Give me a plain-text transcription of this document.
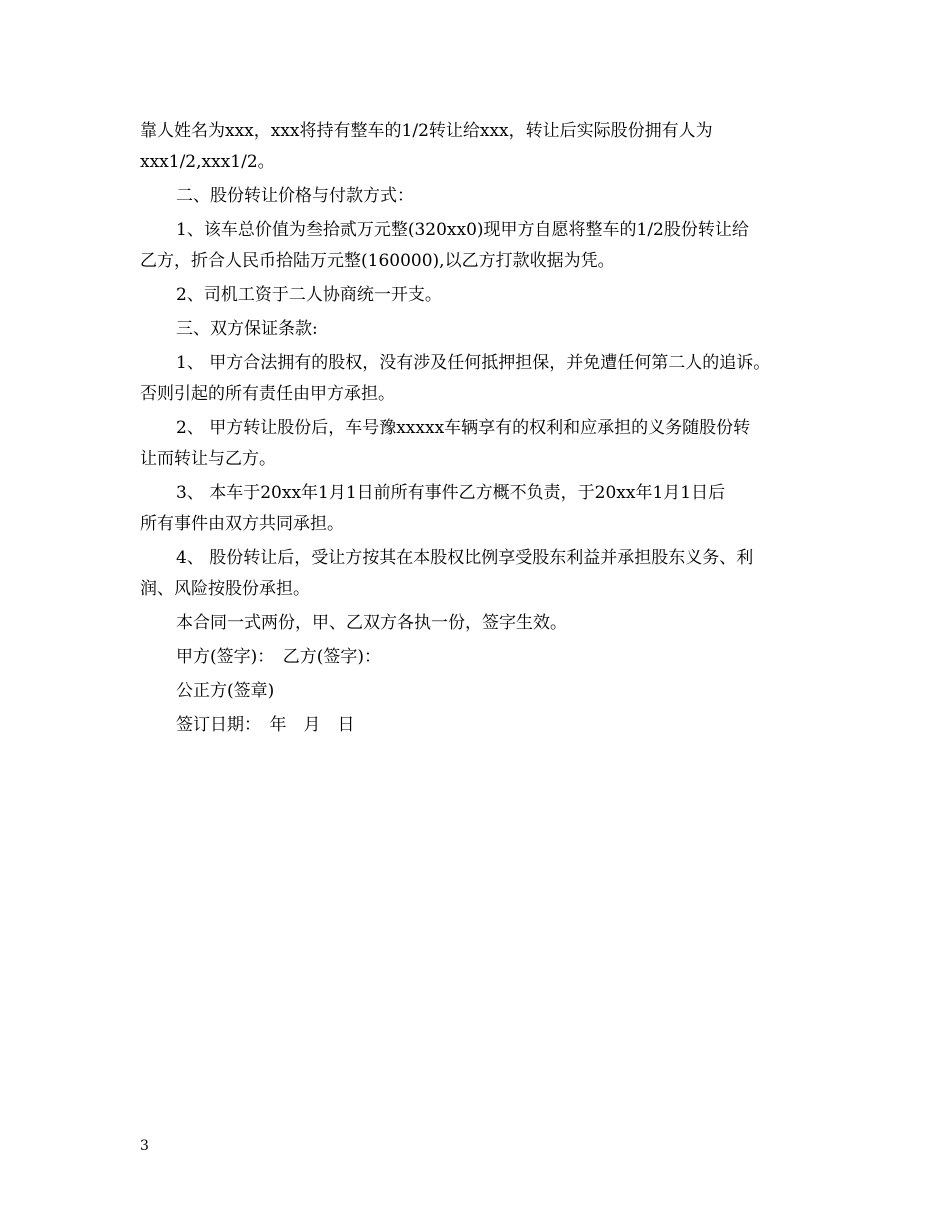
靠人姓名为xxx，xxx将持有整车的1/2转让给xxx，转让后实际股份拥有人为
xxx1/2,xxx1/2。
二、股份转让价格与付款方式：
1、该车总价值为叁拾贰万元整(320xx0)现甲方自愿将整车的1/2股份转让给
乙方，折合人民币拾陆万元整(160000),以乙方打款收据为凭。
2、司机工资于二人协商统一开支。
三、双方保证条款:
1、 甲方合法拥有的股权，没有涉及任何抵押担保，并免遭任何第二人的追诉。
否则引起的所有责任由甲方承担。
2、 甲方转让股份后，车号豫xxxxx车辆享有的权利和应承担的义务随股份转
让而转让与乙方。
3、 本车于20xx年1月1日前所有事件乙方概不负责，于20xx年1月1日后
所有事件由双方共同承担。
4、 股份转让后，受让方按其在本股权比例享受股东利益并承担股东义务、利
润、风险按股份承担。
本合同一式两份，甲、乙双方各执一份，签字生效。
甲方(签字)：　乙方(签字)：
公正方(签章)
签订日期：　年　月　日
3
